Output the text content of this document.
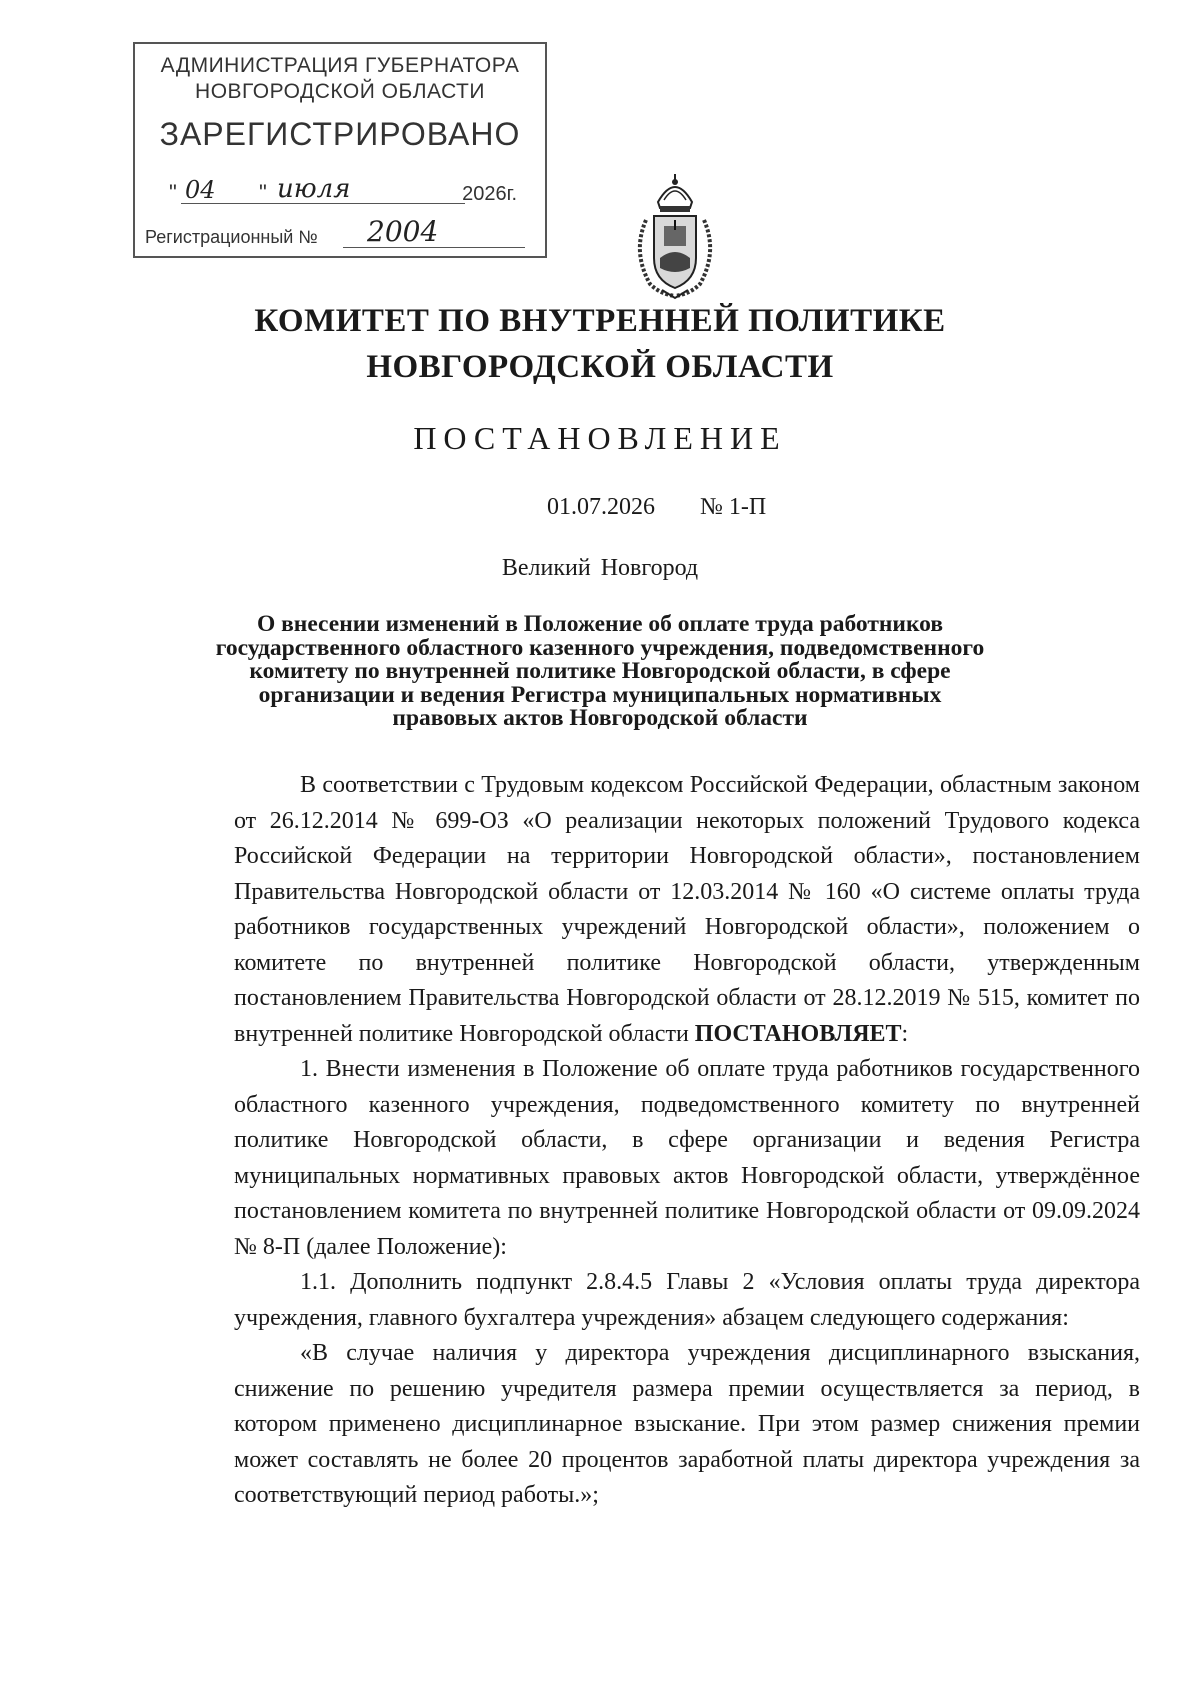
АДМИНИСТРАЦИЯ ГУБЕРНАТОРА
НОВГОРОДСКОЙ ОБЛАСТИ
ЗАРЕГИСТРИРОВАНО
" 04 " июля	2026г.
Регистрационный № 2004
КОМИТЕТ ПО ВНУТРЕННЕЙ ПОЛИТИКЕ
НОВГОРОДСКОЙ ОБЛАСТИ
ПОСТАНОВЛЕНИЕ
01.07.2026 № 1-П
Великий Новгород
О внесении изменений в Положение об оплате труда работников
государственного областного казенного учреждения, подведомственного
комитету по внутренней политике Новгородской области, в сфере
организации и ведения Регистра муниципальных нормативных
правовых актов Новгородской области

В соответствии с Трудовым кодексом Российской Федерации, областным законом от 26.12.2014 № 699-ОЗ «О реализации некоторых положений Трудового кодекса Российской Федерации на территории Новгородской области», постановлением Правительства Новгородской области от 12.03.2014 № 160 «О системе оплаты труда работников государственных учреждений Новгородской области», положением о комитете по внутренней политике Новгородской области, утвержденным постановлением Правительства Новгородской области от 28.12.2019 № 515, комитет по внутренней политике Новгородской области ПОСТАНОВЛЯЕТ:

1. Внести изменения в Положение об оплате труда работников государственного областного казенного учреждения, подведомственного комитету по внутренней политике Новгородской области, в сфере организации и ведения Регистра муниципальных нормативных правовых актов Новгородской области, утверждённое постановлением комитета по внутренней политике Новгородской области от 09.09.2024 № 8-П (далее Положение):

1.1. Дополнить подпункт 2.8.4.5 Главы 2 «Условия оплаты труда директора учреждения, главного бухгалтера учреждения» абзацем следующего содержания:

«В случае наличия у директора учреждения дисциплинарного взыскания, снижение по решению учредителя размера премии осуществляется за период, в котором применено дисциплинарное взыскание. При этом размер снижения премии может составлять не более 20 процентов заработной платы директора учреждения за соответствующий период работы.»;
